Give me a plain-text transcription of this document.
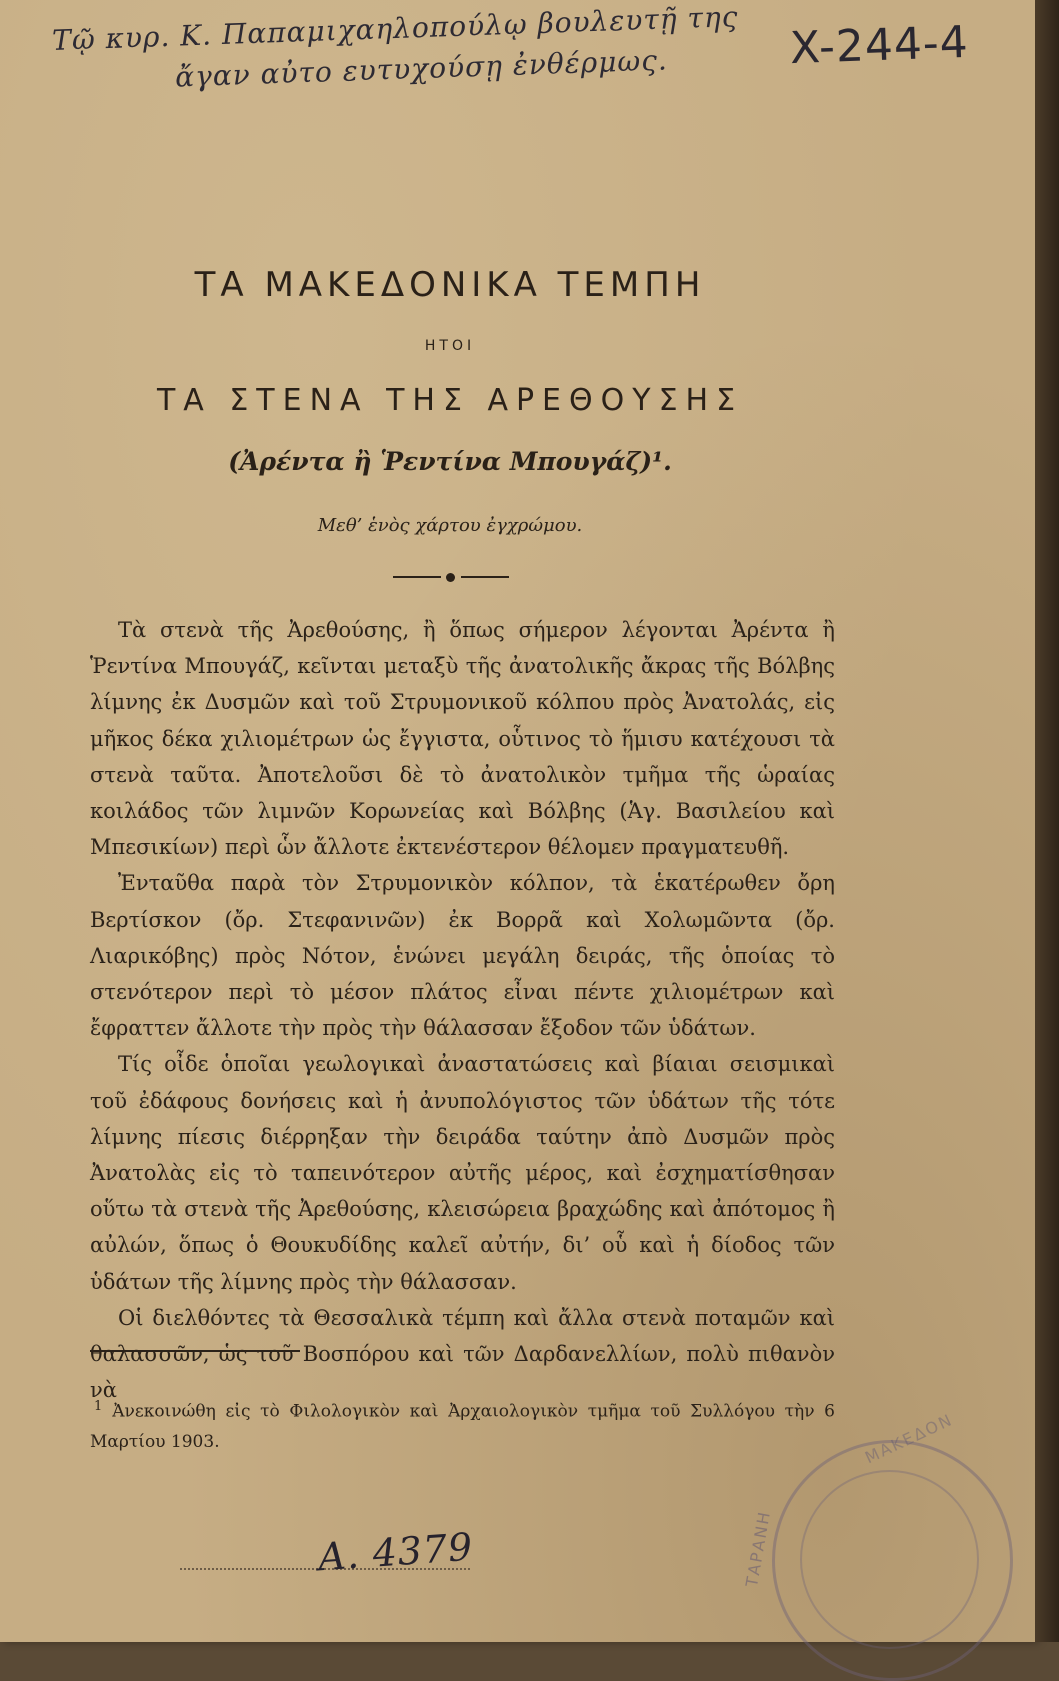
Τῷ κυρ. Κ. Παπαμιχαηλοπούλῳ βουλευτῇ της
ἄγαν αὐτο ευτυχούσῃ ἐνθέρμως.	X-244-4
ΤΑ ΜΑΚΕΔΟΝΙΚΑ ΤΕΜΠΗ
ΗΤΟΙ
ΤΑ ΣΤΕΝΑ ΤΗΣ ΑΡΕΘΟΥΣΗΣ
(Ἀρέντα ἢ Ῥεντίνα Μπουγάζ)¹.
Μεθ’ ἑνὸς χάρτου ἐγχρώμου.

Τὰ στενὰ τῆς Ἀρεθούσης, ἢ ὅπως σήμερον λέγονται Ἀρέντα ἢ Ῥεντίνα Μπουγάζ, κεῖνται μεταξὺ τῆς ἀνατολικῆς ἄκρας τῆς Βόλβης λίμνης ἐκ Δυσμῶν καὶ τοῦ Στρυμονικοῦ κόλπου πρὸς Ἀνατολάς, εἰς μῆκος δέκα χιλιομέτρων ὡς ἔγγιστα, οὗτινος τὸ ἥμισυ κατέχουσι τὰ στενὰ ταῦτα. Ἀποτελοῦσι δὲ τὸ ἀνατολικὸν τμῆμα τῆς ὡραίας κοιλάδος τῶν λιμνῶν Κορωνείας καὶ Βόλβης (Ἁγ. Βασιλείου καὶ Μπεσικίων) περὶ ὧν ἄλλοτε ἐκτενέστερον θέλομεν πραγματευθῆ.

Ἐνταῦθα παρὰ τὸν Στρυμονικὸν κόλπον, τὰ ἑκατέρωθεν ὄρη Βερτίσκον (ὄρ. Στεφανινῶν) ἐκ Βορρᾶ καὶ Χολωμῶντα (ὄρ. Λιαρικόβης) πρὸς Νότον, ἑνώνει μεγάλη δειράς, τῆς ὁποίας τὸ στενότερον περὶ τὸ μέσον πλάτος εἶναι πέντε χιλιομέτρων καὶ ἔφραττεν ἄλλοτε τὴν πρὸς τὴν θάλασσαν ἔξοδον τῶν ὑδάτων.

Τίς οἶδε ὁποῖαι γεωλογικαὶ ἀναστατώσεις καὶ βίαιαι σεισμικαὶ τοῦ ἐδάφους δονήσεις καὶ ἡ ἀνυπολόγιστος τῶν ὑδάτων τῆς τότε λίμνης πίεσις διέρρηξαν τὴν δειράδα ταύτην ἀπὸ Δυσμῶν πρὸς Ἀνατολὰς εἰς τὸ ταπεινότερον αὐτῆς μέρος, καὶ ἐσχηματίσθησαν οὕτω τὰ στενὰ τῆς Ἀρεθούσης, κλεισώρεια βραχώδης καὶ ἀπότομος ἢ αὐλών, ὅπως ὁ Θουκυδίδης καλεῖ αὐτήν, δι’ οὗ καὶ ἡ δίοδος τῶν ὑδάτων τῆς λίμνης πρὸς τὴν θάλασσαν.

Οἱ διελθόντες τὰ Θεσσαλικὰ τέμπη καὶ ἄλλα στενὰ ποταμῶν καὶ θαλασσῶν, ὡς τοῦ Βοσπόρου καὶ τῶν Δαρδανελλίων, πολὺ πιθανὸν νὰ

$^1$ Ἀνεκοινώθη εἰς τὸ Φιλολογικὸν καὶ Ἀρχαιολογικὸν τμῆμα τοῦ Συλλόγου τὴν 6 Μαρτίου 1903.
ΤΑΡΑΝΗ
ΜΑΚΕΔΟΝ
Α. 4379
